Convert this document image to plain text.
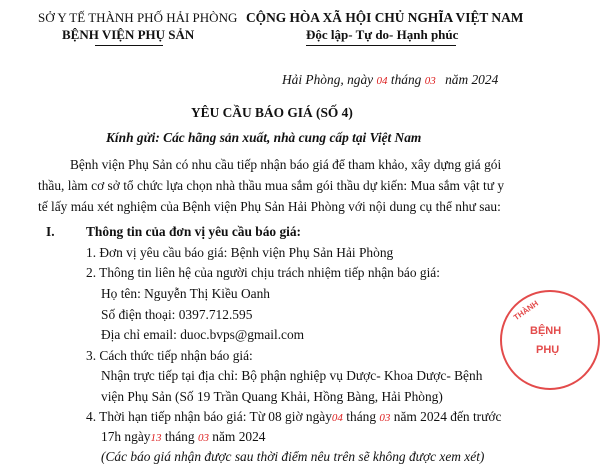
SỞ Y TẾ THÀNH PHỐ HẢI PHÒNG
BỆNH VIỆN PHỤ SẢN
CỘNG HÒA XÃ HỘI CHỦ NGHĨA VIỆT NAM
Độc lập- Tự do- Hạnh phúc
Hải Phòng, ngày 04 tháng 03 năm 2024
YÊU CẦU BÁO GIÁ (SỐ 4)
Kính gửi: Các hãng sản xuất, nhà cung cấp tại Việt Nam
Bệnh viện Phụ Sản có nhu cầu tiếp nhận báo giá để tham khảo, xây dựng giá gói
thầu, làm cơ sở tổ chức lựa chọn nhà thầu mua sắm gói thầu dự kiến: Mua sắm vật tư y
tế lấy máu xét nghiệm của Bệnh viện Phụ Sản Hải Phòng với nội dung cụ thể như sau:
I. Thông tin của đơn vị yêu cầu báo giá:
1. Đơn vị yêu cầu báo giá: Bệnh viện Phụ Sản Hải Phòng
2. Thông tin liên hệ của người chịu trách nhiệm tiếp nhận báo giá:
Họ tên: Nguyễn Thị Kiều Oanh
Số điện thoại: 0397.712.595
Địa chỉ email: duoc.bvps@gmail.com
3. Cách thức tiếp nhận báo giá:
Nhận trực tiếp tại địa chỉ: Bộ phận nghiệp vụ Dược- Khoa Dược- Bệnh
viện Phụ Sản (Số 19 Trần Quang Khải, Hồng Bàng, Hải Phòng)
4. Thời hạn tiếp nhận báo giá: Từ 08 giờ ngày04 tháng 03 năm 2024 đến trước
17h ngày13 tháng 03 năm 2024
(Các báo giá nhận được sau thời điểm nêu trên sẽ không được xem xét)
THÀNH
BỆNH
PHỤ
